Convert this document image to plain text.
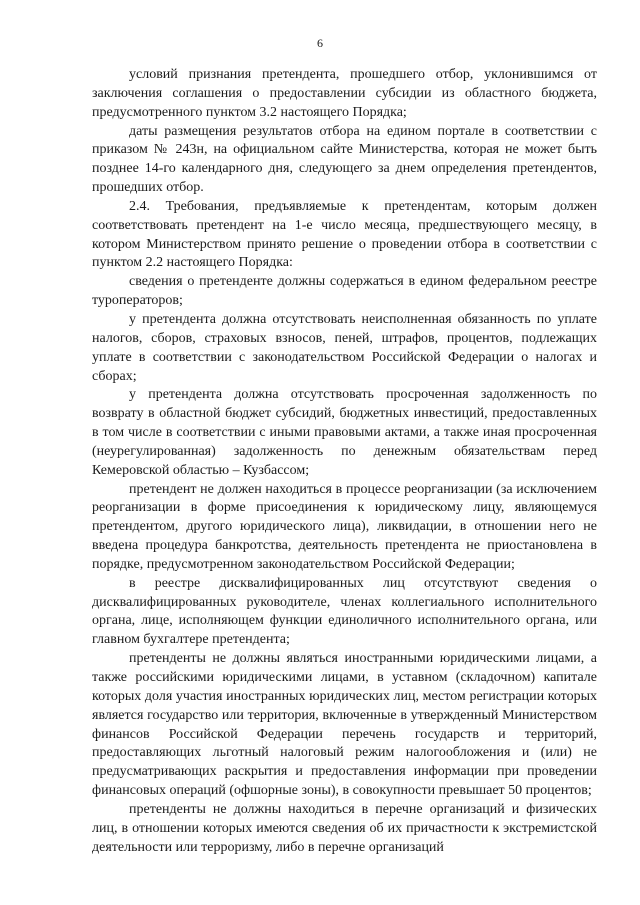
6

условий признания претендента, прошедшего отбор, уклонившимся от заключения соглашения о предоставлении субсидии из областного бюджета, предусмотренного пунктом 3.2 настоящего Порядка;

даты размещения результатов отбора на едином портале в соответствии с приказом № 243н, на официальном сайте Министерства, которая не может быть позднее 14-го календарного дня, следующего за днем определения претендентов, прошедших отбор.

2.4. Требования, предъявляемые к претендентам, которым должен соответствовать претендент на 1-е число месяца, предшествующего месяцу, в котором Министерством принято решение о проведении отбора в соответствии с пунктом 2.2 настоящего Порядка:

сведения о претенденте должны содержаться в едином федеральном реестре туроператоров;

у претендента должна отсутствовать неисполненная обязанность по уплате налогов, сборов, страховых взносов, пеней, штрафов, процентов, подлежащих уплате в соответствии с законодательством Российской Федерации о налогах и сборах;

у претендента должна отсутствовать просроченная задолженность по возврату в областной бюджет субсидий, бюджетных инвестиций, предоставленных в том числе в соответствии с иными правовыми актами, а также иная просроченная (неурегулированная) задолженность по денежным обязательствам перед Кемеровской областью – Кузбассом;

претендент не должен находиться в процессе реорганизации (за исключением реорганизации в форме присоединения к юридическому лицу, являющемуся претендентом, другого юридического лица), ликвидации, в отношении него не введена процедура банкротства, деятельность претендента не приостановлена в порядке, предусмотренном законодательством Российской Федерации;

в реестре дисквалифицированных лиц отсутствуют сведения о дисквалифицированных руководителе, членах коллегиального исполнительного органа, лице, исполняющем функции единоличного исполнительного органа, или главном бухгалтере претендента;

претенденты не должны являться иностранными юридическими лицами, а также российскими юридическими лицами, в уставном (складочном) капитале которых доля участия иностранных юридических лиц, местом регистрации которых является государство или территория, включенные в утвержденный Министерством финансов Российской Федерации перечень государств и территорий, предоставляющих льготный налоговый режим налогообложения и (или) не предусматривающих раскрытия и предоставления информации при проведении финансовых операций (офшорные зоны), в совокупности превышает 50 процентов;

претенденты не должны находиться в перечне организаций и физических лиц, в отношении которых имеются сведения об их причастности к экстремистской деятельности или терроризму, либо в перечне организаций
